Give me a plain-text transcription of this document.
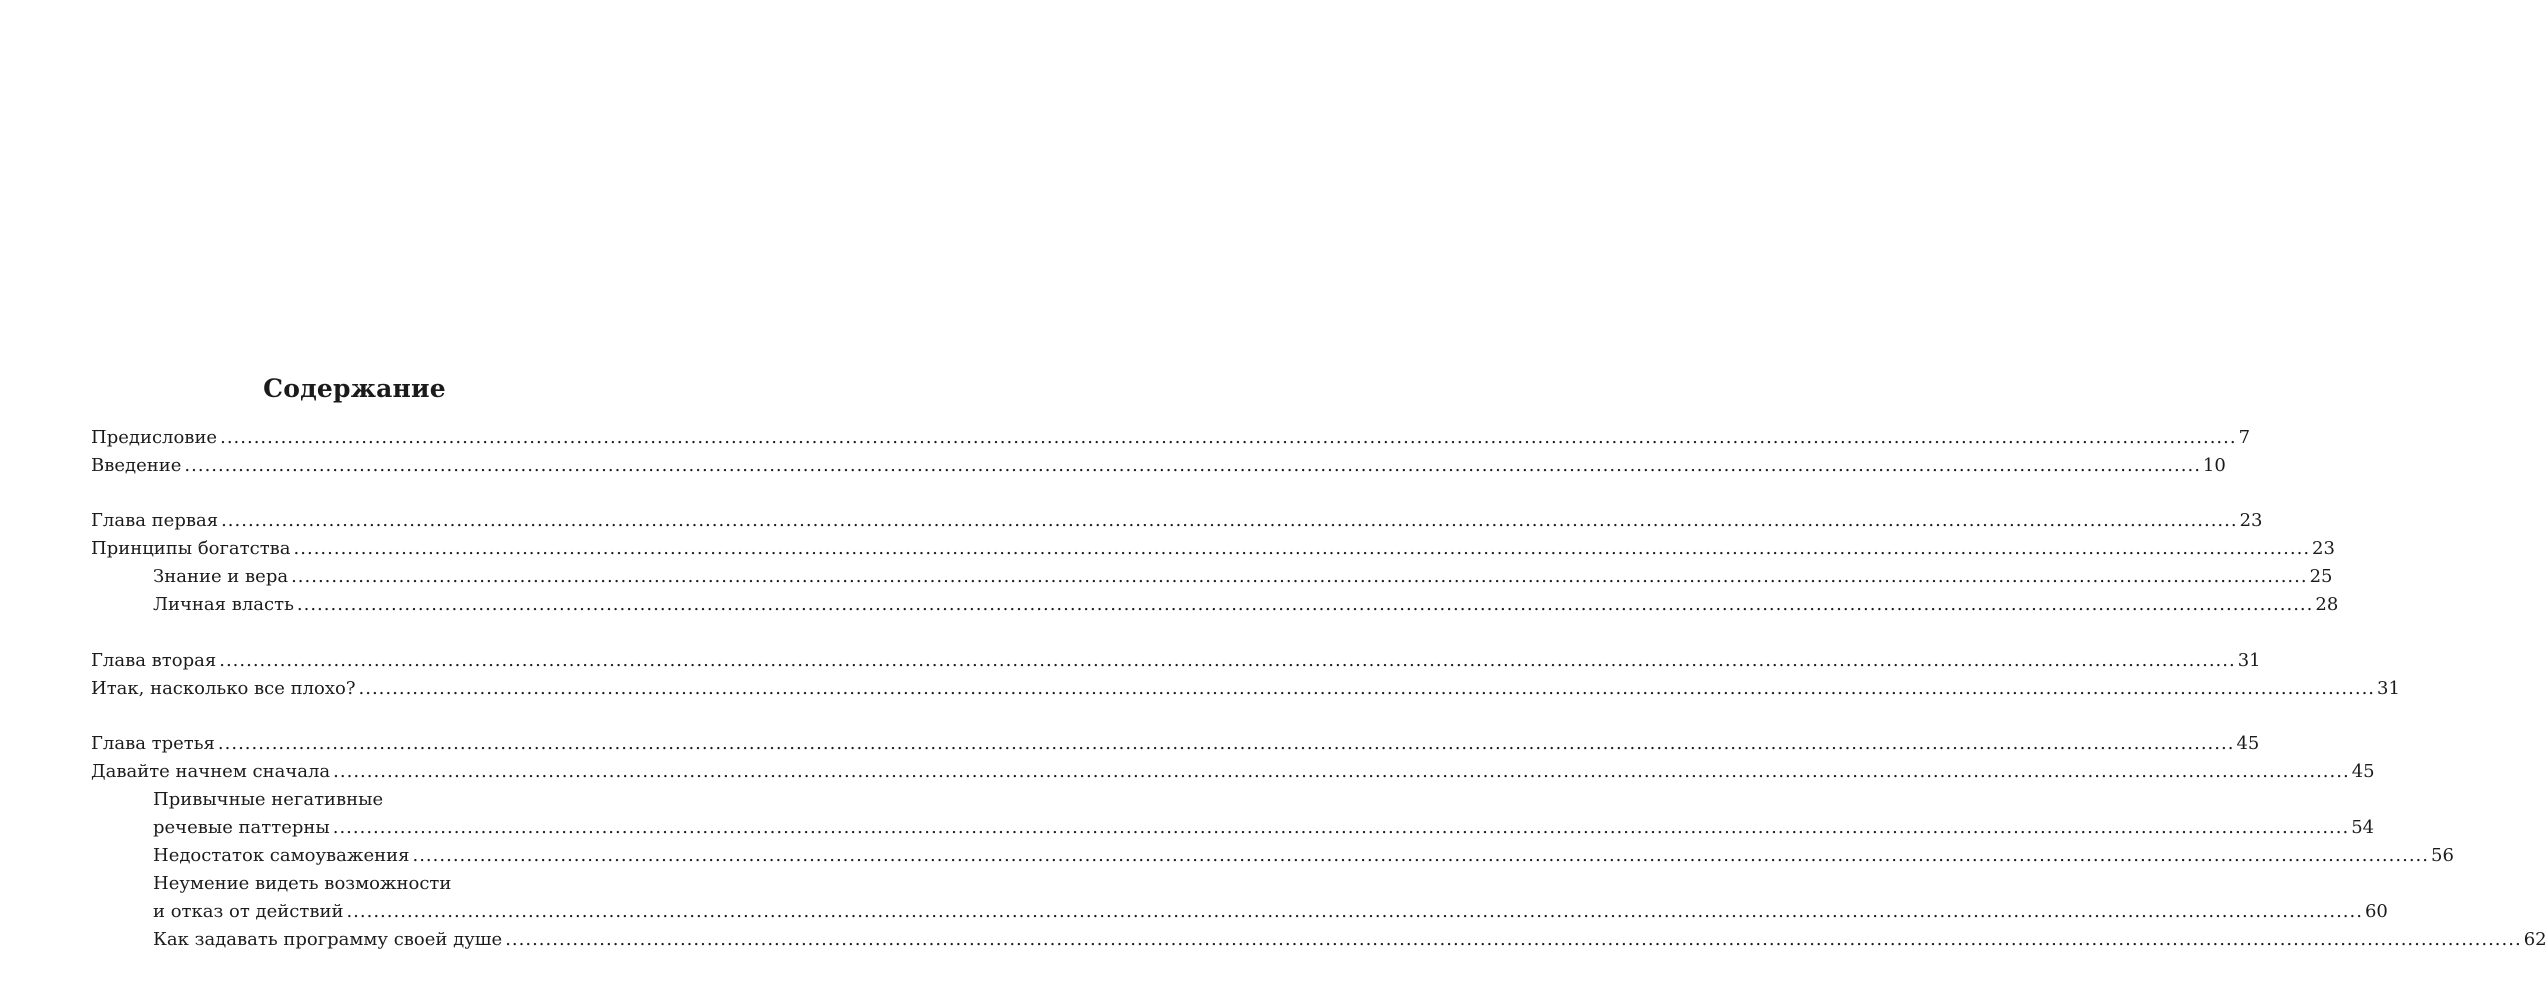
Содержание
Предисловие ............................................................................................................................................................................................................................................................................................................ 7
Введение ............................................................................................................................................................................................................................................................................................................ 10
Глава первая ............................................................................................................................................................................................................................................................................................................ 23
Принципы богатства ............................................................................................................................................................................................................................................................................................................ 23
Знание и вера ............................................................................................................................................................................................................................................................................................................ 25
Личная власть ............................................................................................................................................................................................................................................................................................................ 28
Глава вторая ............................................................................................................................................................................................................................................................................................................ 31
Итак, насколько все плохо? ............................................................................................................................................................................................................................................................................................................ 31
Глава третья ............................................................................................................................................................................................................................................................................................................ 45
Давайте начнем сначала ............................................................................................................................................................................................................................................................................................................ 45
Привычные негативные
речевые паттерны ............................................................................................................................................................................................................................................................................................................ 54
Недостаток самоуважения ............................................................................................................................................................................................................................................................................................................ 56
Неумение видеть возможности
и отказ от действий ............................................................................................................................................................................................................................................................................................................ 60
Как задавать программу своей душе ............................................................................................................................................................................................................................................................................................................ 62
